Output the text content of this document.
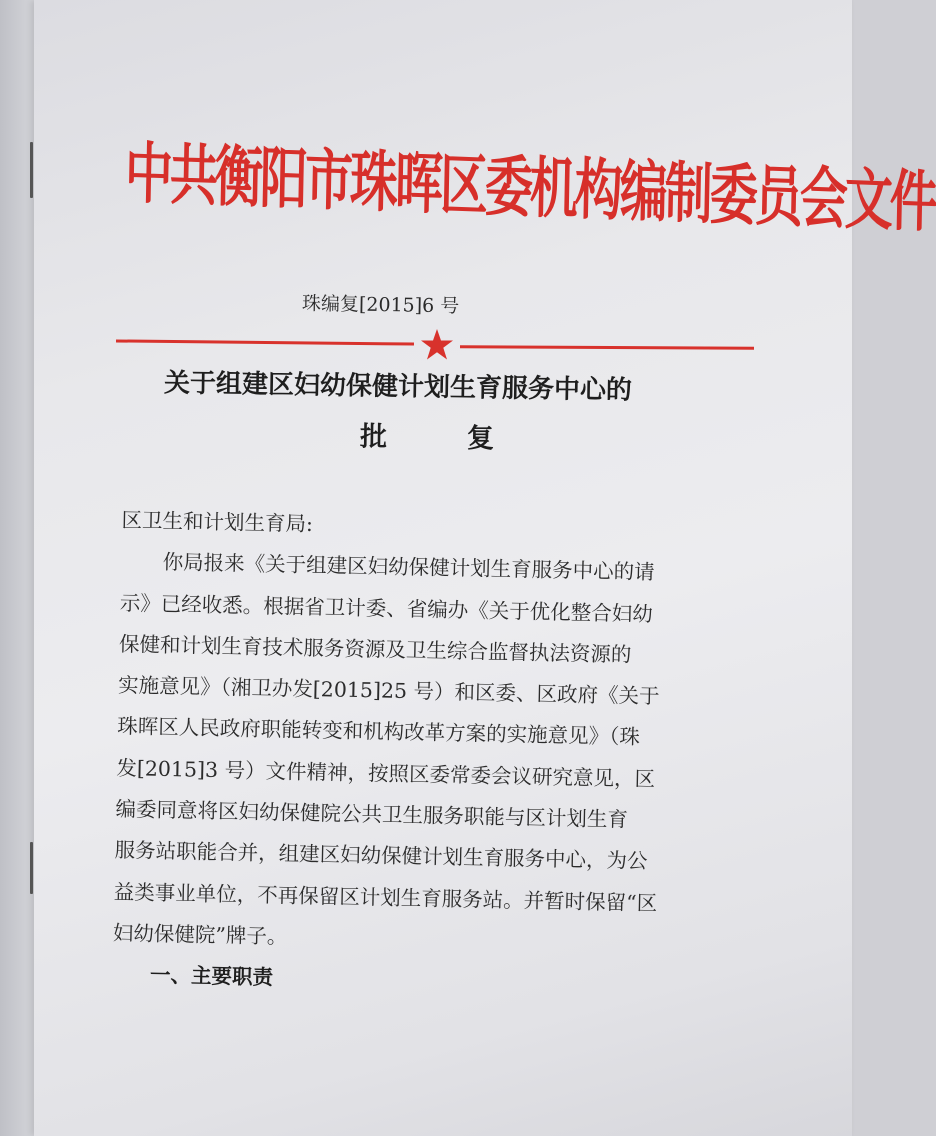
中共衡阳市珠晖区委机构编制委员会文件
珠编复[2015]6 号
关于组建区妇幼保健计划生育服务中心的
批复
区卫生和计划生育局:
你局报来《关于组建区妇幼保健计划生育服务中心的请
示》已经收悉。根据省卫计委、省编办《关于优化整合妇幼
保健和计划生育技术服务资源及卫生综合监督执法资源的
实施意见》（湘卫办发[2015]25 号）和区委、区政府《关于
珠晖区人民政府职能转变和机构改革方案的实施意见》（珠
发[2015]3 号）文件精神，按照区委常委会议研究意见，区
编委同意将区妇幼保健院公共卫生服务职能与区计划生育
服务站职能合并，组建区妇幼保健计划生育服务中心，为公
益类事业单位，不再保留区计划生育服务站。并暂时保留“区
妇幼保健院”牌子。
一、主要职责
